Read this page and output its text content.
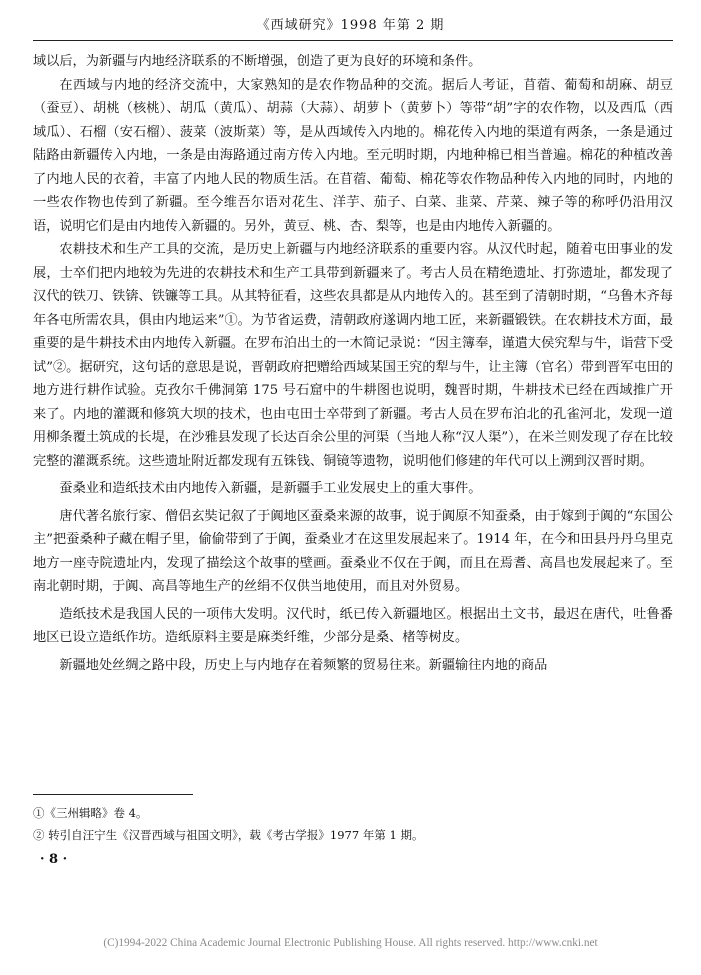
《西域研究》1998 年第 2 期

域以后，为新疆与内地经济联系的不断增强，创造了更为良好的环境和条件。

在西域与内地的经济交流中，大家熟知的是农作物品种的交流。据后人考证，苜蓿、葡萄和胡麻、胡豆（蚕豆）、胡桃（核桃）、胡瓜（黄瓜）、胡蒜（大蒜）、胡萝卜（黄萝卜）等带“胡”字的农作物，以及西瓜（西域瓜）、石榴（安石榴）、菠菜（波斯菜）等，是从西域传入内地的。棉花传入内地的渠道有两条，一条是通过陆路由新疆传入内地，一条是由海路通过南方传入内地。至元明时期，内地种棉已相当普遍。棉花的种植改善了内地人民的衣着，丰富了内地人民的物质生活。在苜蓿、葡萄、棉花等农作物品种传入内地的同时，内地的一些农作物也传到了新疆。至今维吾尔语对花生、洋芋、茄子、白菜、韭菜、芹菜、辣子等的称呼仍沿用汉语，说明它们是由内地传入新疆的。另外，黄豆、桃、杏、梨等，也是由内地传入新疆的。

农耕技术和生产工具的交流，是历史上新疆与内地经济联系的重要内容。从汉代时起，随着屯田事业的发展，士卒们把内地较为先进的农耕技术和生产工具带到新疆来了。考古人员在精绝遗址、打弥遗址，都发现了汉代的铁刀、铁锛、铁镰等工具。从其特征看，这些农具都是从内地传入的。甚至到了清朝时期，“乌鲁木齐每年各屯所需农具，俱由内地运来”①。为节省运费，清朝政府遂调内地工匠，来新疆锻铁。在农耕技术方面，最重要的是牛耕技术由内地传入新疆。在罗布泊出土的一木简记录说：“因主簿奉，谨遣大侯究犁与牛，诣营下受试”②。据研究，这句话的意思是说，晋朝政府把赠给西域某国王究的犁与牛，让主簿（官名）带到晋军屯田的地方进行耕作试验。克孜尔千佛洞第 175 号石窟中的牛耕图也说明，魏晋时期，牛耕技术已经在西域推广开来了。内地的灌溉和修筑大坝的技术，也由屯田士卒带到了新疆。考古人员在罗布泊北的孔雀河北，发现一道用柳条覆土筑成的长堤，在沙雅县发现了长达百余公里的河渠（当地人称“汉人渠”），在米兰则发现了存在比较完整的灌溉系统。这些遗址附近都发现有五铢钱、铜镜等遗物，说明他们修建的年代可以上溯到汉晋时期。

蚕桑业和造纸技术由内地传入新疆，是新疆手工业发展史上的重大事件。

唐代著名旅行家、僧侣玄奘记叙了于阗地区蚕桑来源的故事，说于阗原不知蚕桑，由于嫁到于阗的“东国公主”把蚕桑种子藏在帽子里，偷偷带到了于阗，蚕桑业才在这里发展起来了。1914 年，在今和田县丹丹乌里克地方一座寺院遗址内，发现了描绘这个故事的壁画。蚕桑业不仅在于阗，而且在焉耆、高昌也发展起来了。至南北朝时期，于阗、高昌等地生产的丝绢不仅供当地使用，而且对外贸易。

造纸技术是我国人民的一项伟大发明。汉代时，纸已传入新疆地区。根据出土文书，最迟在唐代，吐鲁番地区已设立造纸作坊。造纸原料主要是麻类纤维，少部分是桑、楮等树皮。

新疆地处丝绸之路中段，历史上与内地存在着频繁的贸易往来。新疆输往内地的商品

①《三州辑略》卷 4。
② 转引自汪宁生《汉晋西域与祖国文明》，载《考古学报》1977 年第 1 期。
· 8 ·
(C)1994-2022 China Academic Journal Electronic Publishing House. All rights reserved. http://www.cnki.net
